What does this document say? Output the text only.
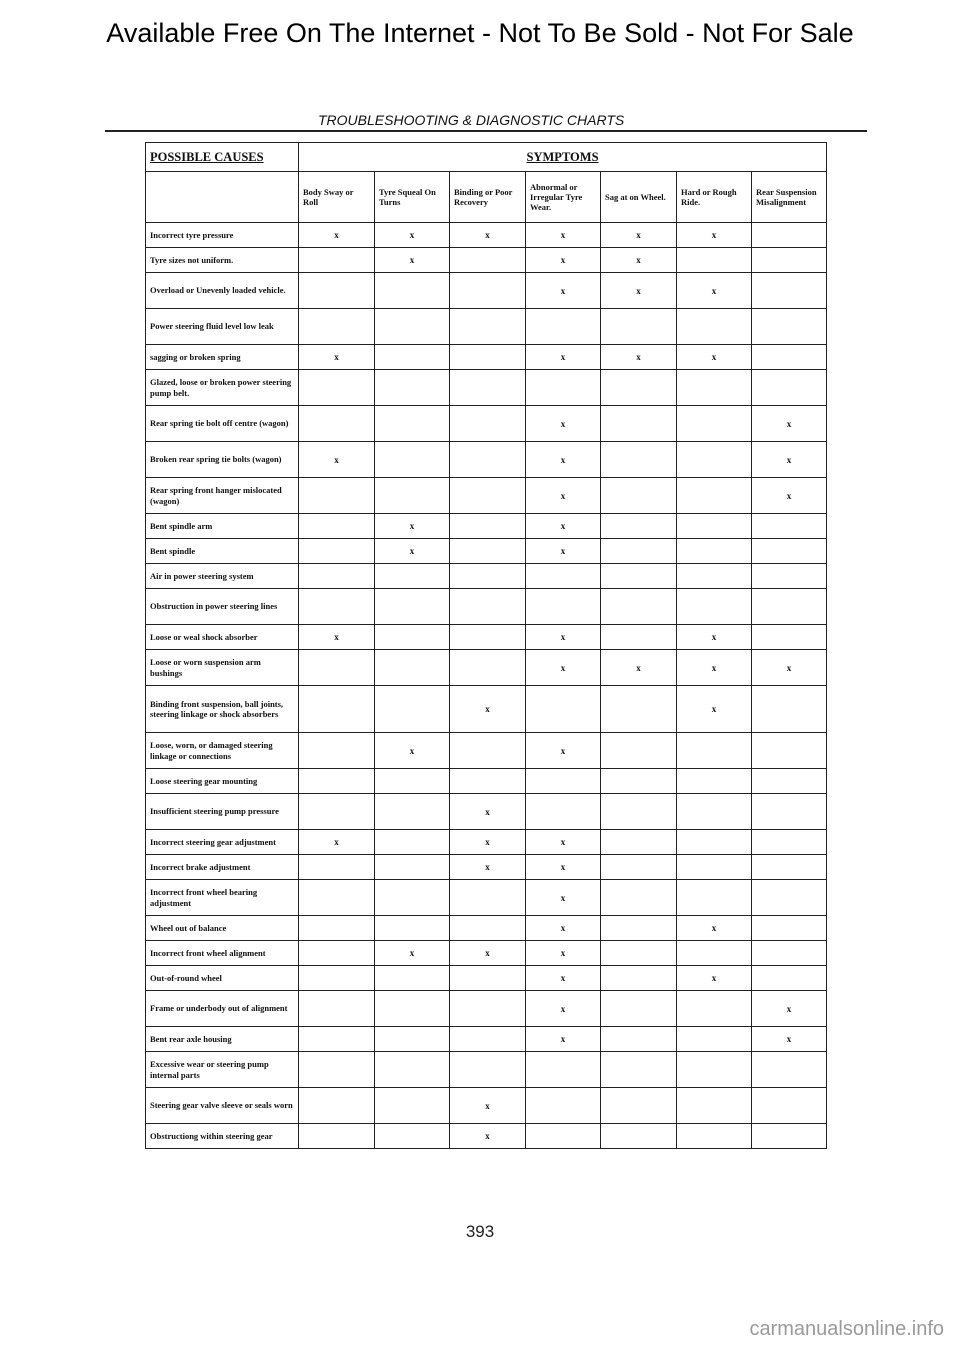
Available Free On The Internet - Not To Be Sold - Not For Sale
TROUBLESHOOTING & DIAGNOSTIC CHARTS
POSSIBLE CAUSES	SYMPTOMS						
	Body Sway or Roll	Tyre Squeal On Turns	Binding or Poor Recovery	Abnormal or Irregular Tyre Wear.	Sag at on Wheel.	Hard or Rough Ride.	Rear Suspension Misalignment
Incorrect tyre pressure	x	x	x	x	x	x	
Tyre sizes not uniform.		x		x	x		
Overload or Unevenly loaded vehicle.				x	x	x	
Power steering fluid level low leak							
sagging or broken spring	x			x	x	x	
Glazed, loose or broken power steering pump belt.							
Rear spring tie bolt off centre (wagon)				x			x
Broken rear spring tie bolts (wagon)	x			x			x
Rear spring front hanger mislocated (wagon)				x			x
Bent spindle arm		x		x			
Bent spindle		x		x			
Air in power steering system							
Obstruction in power steering lines							
Loose or weal shock absorber	x			x		x	
Loose or worn suspension arm bushings				x	x	x	x
Binding front suspension, ball joints, steering linkage or shock absorbers			x			x	
Loose, worn, or damaged steering linkage or connections		x		x			
Loose steering gear mounting							
Insufficient steering pump pressure			x				
Incorrect steering gear adjustment	x		x	x			
Incorrect brake adjustment			x	x			
Incorrect front wheel bearing adjustment				x			
Wheel out of balance				x		x	
Incorrect front wheel alignment		x	x	x			
Out-of-round wheel				x		x	
Frame or underbody out of alignment				x			x
Bent rear axle housing				x			x
Excessive wear or steering pump internal parts							
Steering gear valve sleeve or seals worn			x				
Obstructiong within steering gear			x				
393
carmanualsonline.info
